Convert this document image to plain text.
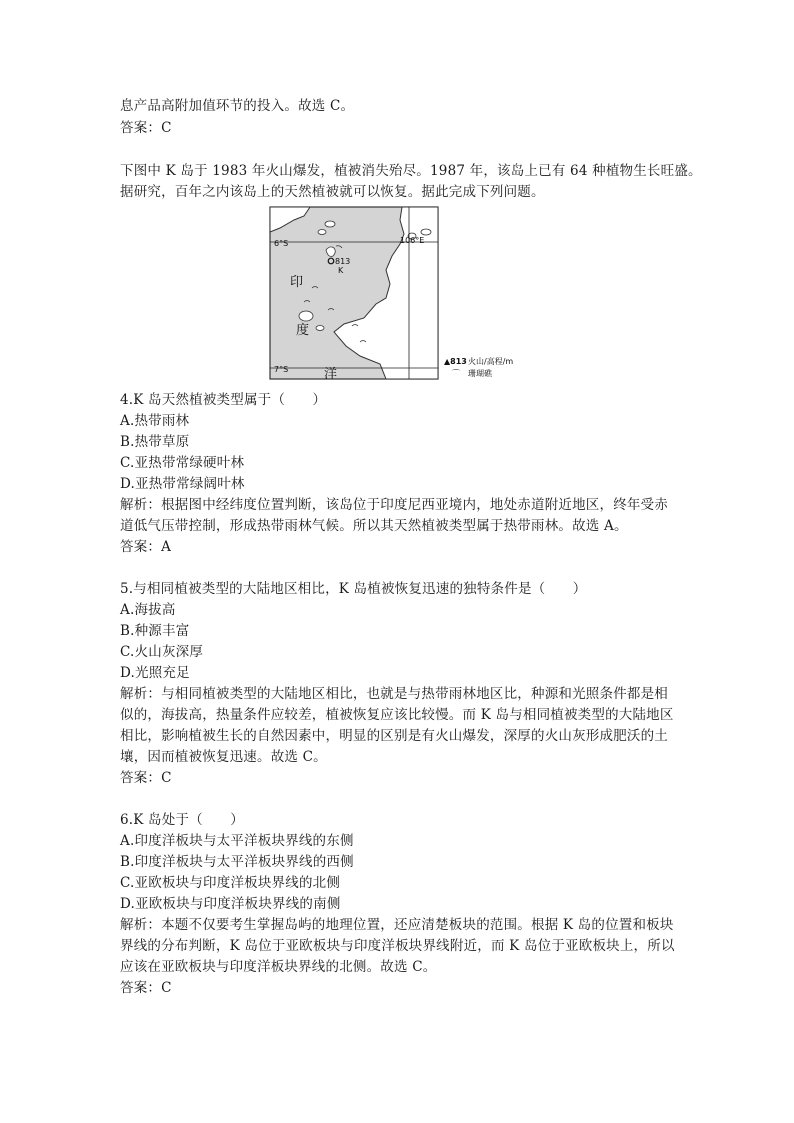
息产品高附加值环节的投入。故选 C。
答案：C
下图中 K 岛于 1983 年火山爆发，植被消失殆尽。1987 年，该岛上已有 64 种植物生长旺盛。
据研究，百年之内该岛上的天然植被就可以恢复。据此完成下列问题。
106°E
6°S
7°S
813
K
印
度
洋
▲813 火山/高程/m
⌒ 珊瑚礁
4.K 岛天然植被类型属于（　　）
A.热带雨林
B.热带草原
C.亚热带常绿硬叶林
D.亚热带常绿阔叶林
解析：根据图中经纬度位置判断，该岛位于印度尼西亚境内，地处赤道附近地区，终年受赤
道低气压带控制，形成热带雨林气候。所以其天然植被类型属于热带雨林。故选 A。
答案：A
5.与相同植被类型的大陆地区相比，K 岛植被恢复迅速的独特条件是（　　）
A.海拔高
B.种源丰富
C.火山灰深厚
D.光照充足
解析：与相同植被类型的大陆地区相比，也就是与热带雨林地区比，种源和光照条件都是相
似的，海拔高，热量条件应较差，植被恢复应该比较慢。而 K 岛与相同植被类型的大陆地区
相比，影响植被生长的自然因素中，明显的区别是有火山爆发，深厚的火山灰形成肥沃的土
壤，因而植被恢复迅速。故选 C。
答案：C
6.K 岛处于（　　）
A.印度洋板块与太平洋板块界线的东侧
B.印度洋板块与太平洋板块界线的西侧
C.亚欧板块与印度洋板块界线的北侧
D.亚欧板块与印度洋板块界线的南侧
解析：本题不仅要考生掌握岛屿的地理位置，还应清楚板块的范围。根据 K 岛的位置和板块
界线的分布判断，K 岛位于亚欧板块与印度洋板块界线附近，而 K 岛位于亚欧板块上，所以
应该在亚欧板块与印度洋板块界线的北侧。故选 C。
答案：C
